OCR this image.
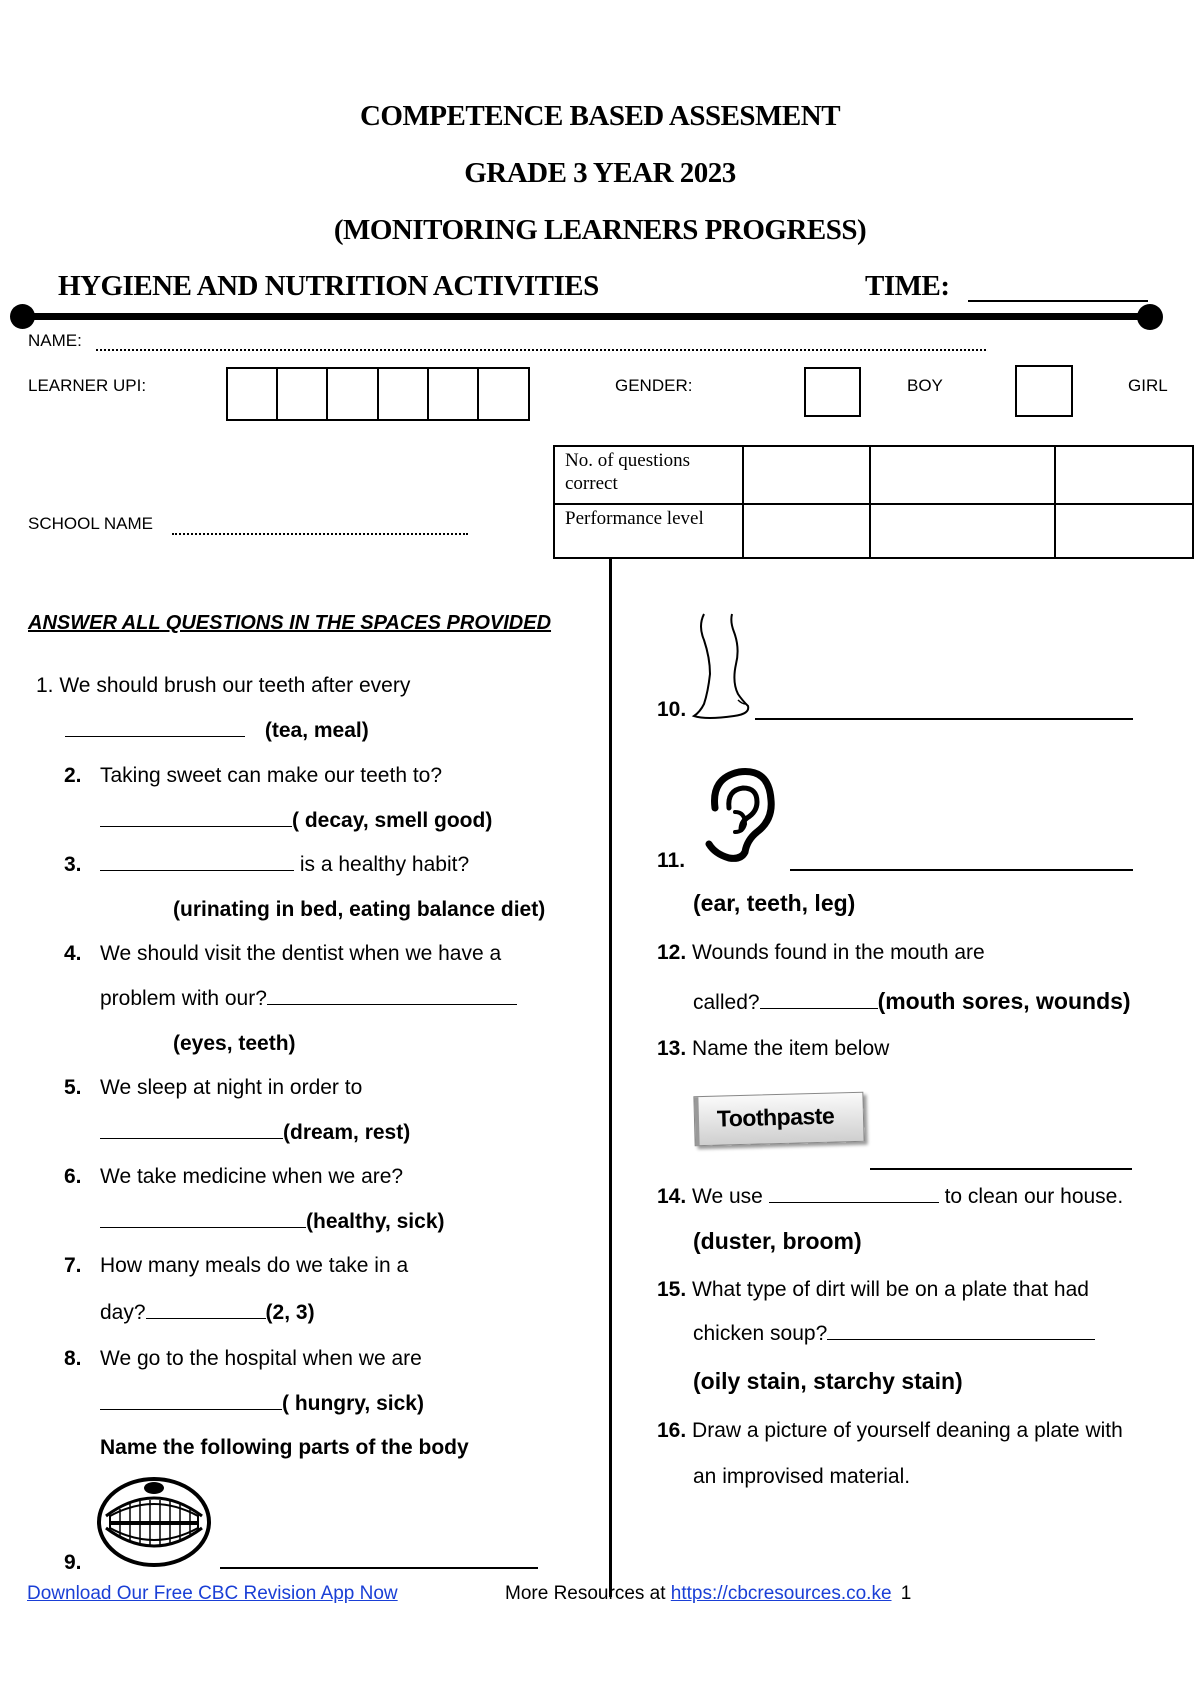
COMPETENCE BASED ASSESMENT
GRADE 3 YEAR 2023
(MONITORING LEARNERS PROGRESS)
HYGIENE AND NUTRITION ACTIVITIES	TIME:
NAME:
LEARNER UPI:	GENDER:	BOY	GIRL
SCHOOL NAME
No. of questions correct			
Performance level			
ANSWER ALL QUESTIONS IN THE SPACES PROVIDED
1. We should brush our teeth after every
(tea, meal)
2. Taking sweet can make our teeth to?
( decay, smell good)
3.	is a healthy habit?
(urinating in bed, eating balance diet)
4. We should visit the dentist when we have a
problem with our?
(eyes, teeth)
5. We sleep at night in order to
(dream, rest)
6. We take medicine when we are?
(healthy, sick)
7. How many meals do we take in a
day?	(2, 3)
8. We go to the hospital when we are
( hungry, sick)
Name the following parts of the body
9.
10.
11.
(ear, teeth, leg)
12. Wounds found in the mouth are
called?	(mouth sores, wounds)
13. Name the item below
Toothpaste
14. We use	to clean our house.
(duster, broom)
15. What type of dirt will be on a plate that had
chicken soup?
(oily stain, starchy stain)
16. Draw a picture of yourself deaning a plate with
an improvised material.
Download Our Free CBC Revision App Now	More Resources at https://cbcresources.co.ke 1
